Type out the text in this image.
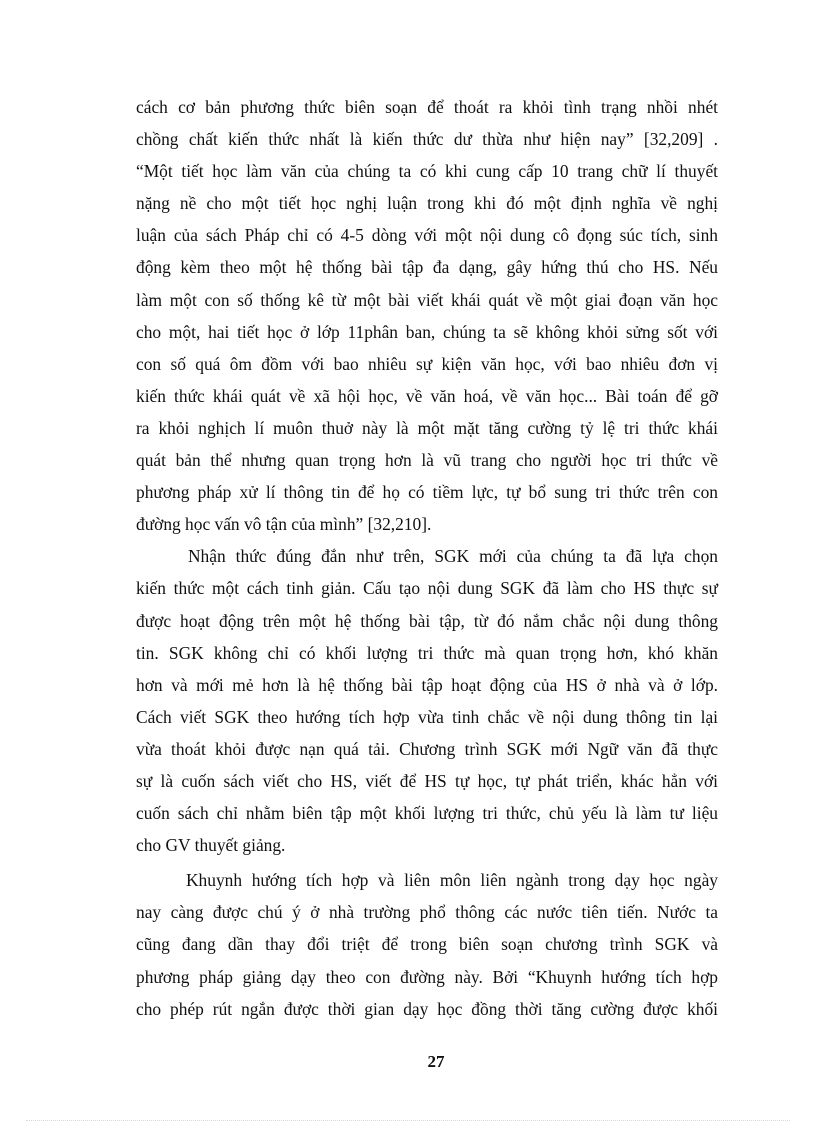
cách cơ bản phương thức biên soạn để thoát ra khỏi tình trạng nhồi nhét
chồng chất kiến thức nhất là kiến thức dư thừa như hiện nay” [32,209] .
“Một tiết học làm văn của chúng ta có khi cung cấp 10 trang chữ lí thuyết
nặng nề cho một tiết học nghị luận trong khi đó một định nghĩa về nghị
luận của sách Pháp chỉ có 4-5 dòng với một nội dung cô đọng súc tích, sinh
động kèm theo một hệ thống bài tập đa dạng, gây hứng thú cho HS. Nếu
làm một con số thống kê từ một bài viết khái quát về một giai đoạn văn học
cho một, hai tiết học ở lớp 11phân ban, chúng ta sẽ không khỏi sửng sốt với
con số quá ôm đồm với bao nhiêu sự kiện văn học, với bao nhiêu đơn vị
kiến thức khái quát về xã hội học, về văn hoá, về văn học... Bài toán để gỡ
ra khỏi nghịch lí muôn thuở này là một mặt tăng cường tỷ lệ tri thức khái
quát bản thể nhưng quan trọng hơn là vũ trang cho người học tri thức về
phương pháp xử lí thông tin để họ có tiềm lực, tự bổ sung tri thức trên con
đường học vấn vô tận của mình” [32,210].

Nhận thức đúng đắn như trên, SGK mới của chúng ta đã lựa chọn
kiến thức một cách tinh giản. Cấu tạo nội dung SGK đã làm cho HS thực sự
được hoạt động trên một hệ thống bài tập, từ đó nắm chắc nội dung thông
tin. SGK không chỉ có khối lượng tri thức mà quan trọng hơn, khó khăn
hơn và mới mẻ hơn là hệ thống bài tập hoạt động của HS ở nhà và ở lớp.
Cách viết SGK theo hướng tích hợp vừa tinh chắc về nội dung thông tin lại
vừa thoát khỏi được nạn quá tải. Chương trình SGK mới Ngữ văn đã thực
sự là cuốn sách viết cho HS, viết để HS tự học, tự phát triển, khác hẳn với
cuốn sách chỉ nhằm biên tập một khối lượng tri thức, chủ yếu là làm tư liệu
cho GV thuyết giảng.

Khuynh hướng tích hợp và liên môn liên ngành trong dạy học ngày
nay càng được chú ý ở nhà trường phổ thông các nước tiên tiến. Nước ta
cũng đang dần thay đổi triệt để trong biên soạn chương trình SGK và
phương pháp giảng dạy theo con đường này. Bởi “Khuynh hướng tích hợp
cho phép rút ngắn được thời gian dạy học đồng thời tăng cường được khối

27
